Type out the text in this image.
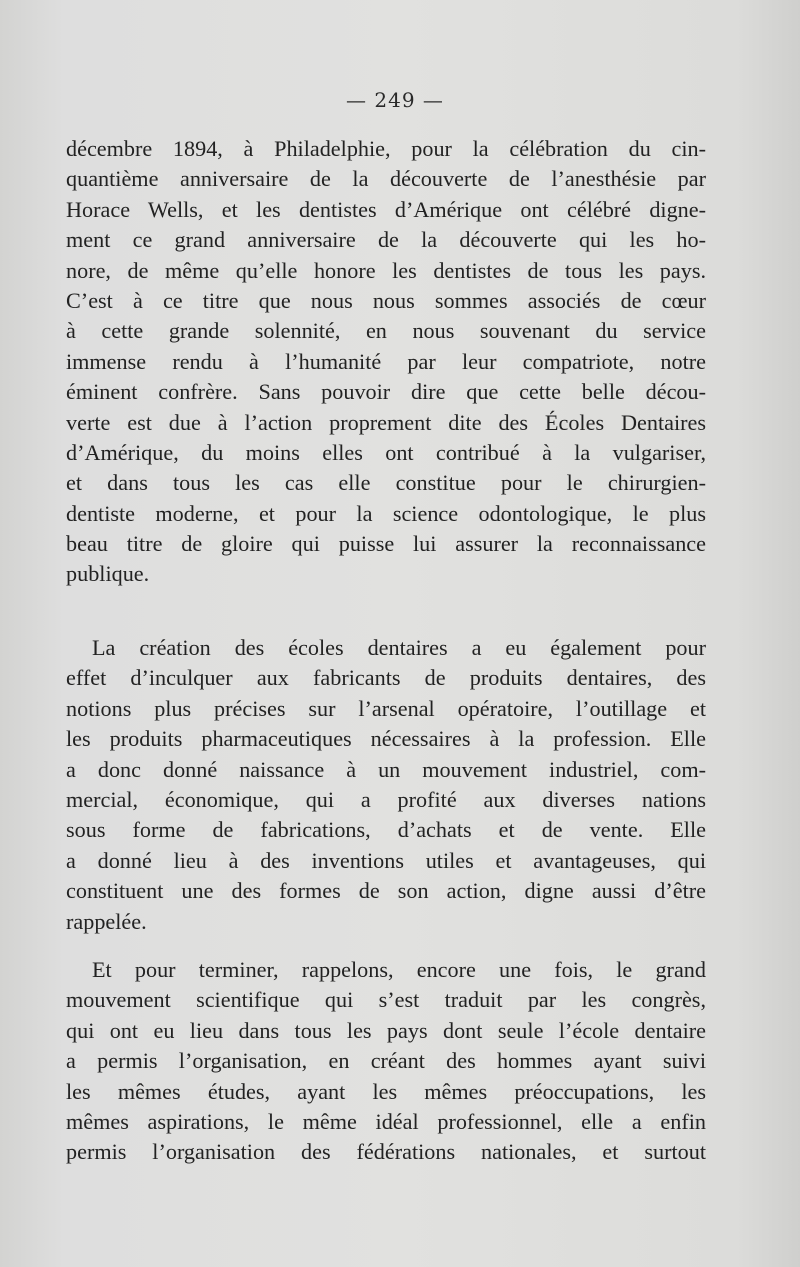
— 249 —
décembre 1894, à Philadelphie, pour la célébration du cin-
quantième anniversaire de la découverte de l’anesthésie par
Horace Wells, et les dentistes d’Amérique ont célébré digne-
ment ce grand anniversaire de la découverte qui les ho-
nore, de même qu’elle honore les dentistes de tous les pays.
C’est à ce titre que nous nous sommes associés de cœur
à cette grande solennité, en nous souvenant du service
immense rendu à l’humanité par leur compatriote, notre
éminent confrère. Sans pouvoir dire que cette belle décou-
verte est due à l’action proprement dite des Écoles Dentaires
d’Amérique, du moins elles ont contribué à la vulgariser,
et dans tous les cas elle constitue pour le chirurgien-
dentiste moderne, et pour la science odontologique, le plus
beau titre de gloire qui puisse lui assurer la reconnaissance
publique.
La création des écoles dentaires a eu également pour
effet d’inculquer aux fabricants de produits dentaires, des
notions plus précises sur l’arsenal opératoire, l’outillage et
les produits pharmaceutiques nécessaires à la profession. Elle
a donc donné naissance à un mouvement industriel, com-
mercial, économique, qui a profité aux diverses nations
sous forme de fabrications, d’achats et de vente. Elle
a donné lieu à des inventions utiles et avantageuses, qui
constituent une des formes de son action, digne aussi d’être
rappelée.
Et pour terminer, rappelons, encore une fois, le grand
mouvement scientifique qui s’est traduit par les congrès,
qui ont eu lieu dans tous les pays dont seule l’école dentaire
a permis l’organisation, en créant des hommes ayant suivi
les mêmes études, ayant les mêmes préoccupations, les
mêmes aspirations, le même idéal professionnel, elle a enfin
permis l’organisation des fédérations nationales, et surtout
